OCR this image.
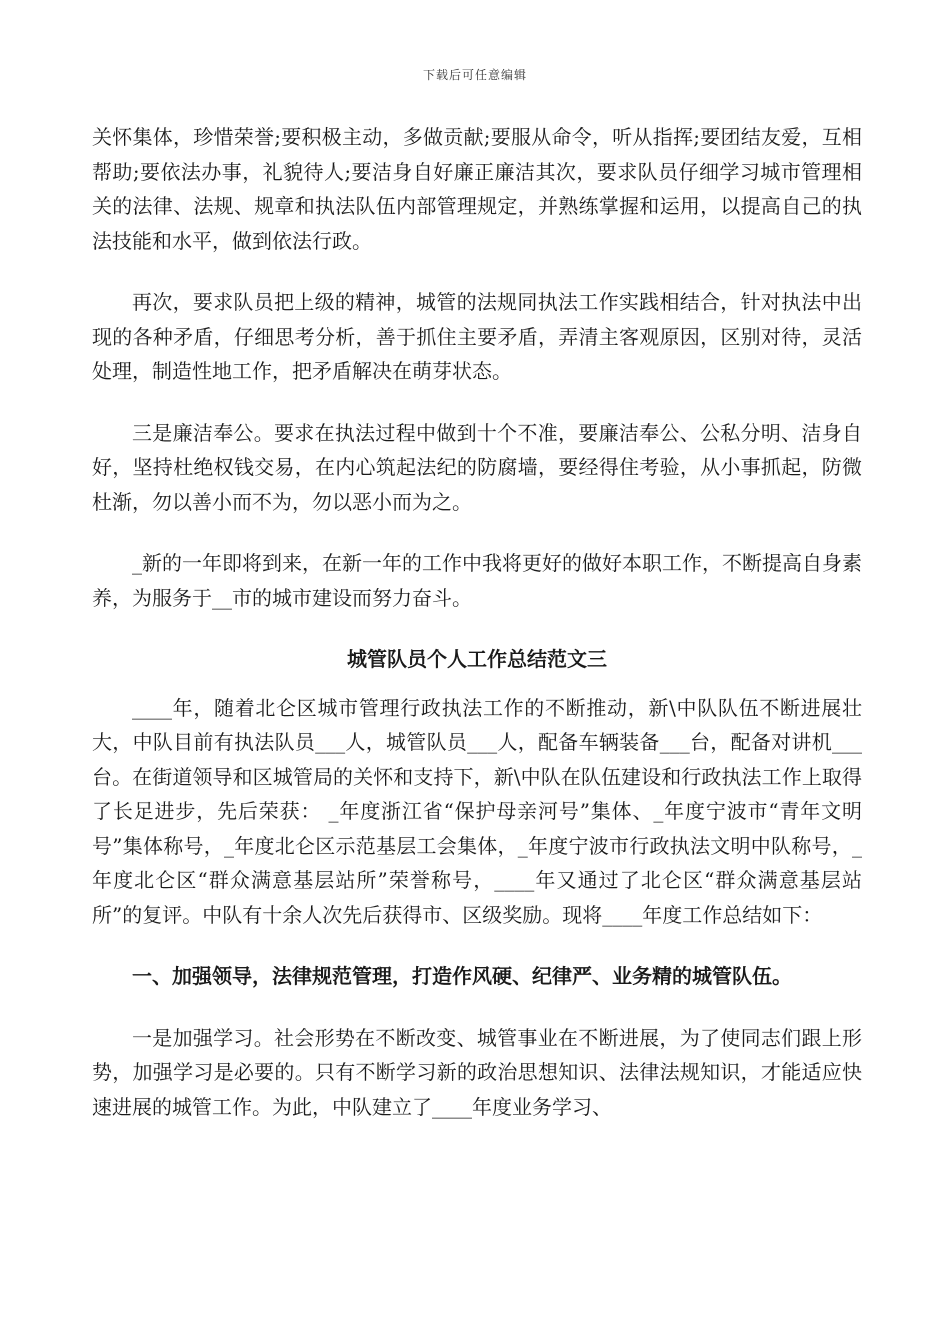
下载后可任意编辑

关怀集体，珍惜荣誉;要积极主动，多做贡献;要服从命令，听从指挥;要团结友爱，互相帮助;要依法办事，礼貌待人;要洁身自好廉正廉洁其次，要求队员仔细学习城市管理相关的法律、法规、规章和执法队伍内部管理规定，并熟练掌握和运用，以提高自己的执法技能和水平，做到依法行政。

再次，要求队员把上级的精神，城管的法规同执法工作实践相结合，针对执法中出现的各种矛盾，仔细思考分析，善于抓住主要矛盾，弄清主客观原因，区别对待，灵活处理，制造性地工作，把矛盾解决在萌芽状态。

三是廉洁奉公。要求在执法过程中做到十个不准，要廉洁奉公、公私分明、洁身自好，坚持杜绝权钱交易，在内心筑起法纪的防腐墙，要经得住考验，从小事抓起，防微杜渐，勿以善小而不为，勿以恶小而为之。

_新的一年即将到来，在新一年的工作中我将更好的做好本职工作，不断提高自身素养，为服务于__市的城市建设而努力奋斗。

城管队员个人工作总结范文三

____年，随着北仑区城市管理行政执法工作的不断推动，新\中队队伍不断进展壮大，中队目前有执法队员___人，城管队员___人，配备车辆装备___台，配备对讲机___台。在街道领导和区城管局的关怀和支持下，新\中队在队伍建设和行政执法工作上取得了长足进步，先后荣获： _年度浙江省“保护母亲河号”集体、_年度宁波市“青年文明号”集体称号，_年度北仑区示范基层工会集体，_年度宁波市行政执法文明中队称号，_年度北仑区“群众满意基层站所”荣誉称号，____年又通过了北仑区“群众满意基层站所”的复评。中队有十余人次先后获得市、区级奖励。现将____年度工作总结如下：

一、加强领导，法律规范管理，打造作风硬、纪律严、业务精的城管队伍。

一是加强学习。社会形势在不断改变、城管事业在不断进展，为了使同志们跟上形势，加强学习是必要的。只有不断学习新的政治思想知识、法律法规知识，才能适应快速进展的城管工作。为此，中队建立了____年度业务学习、
